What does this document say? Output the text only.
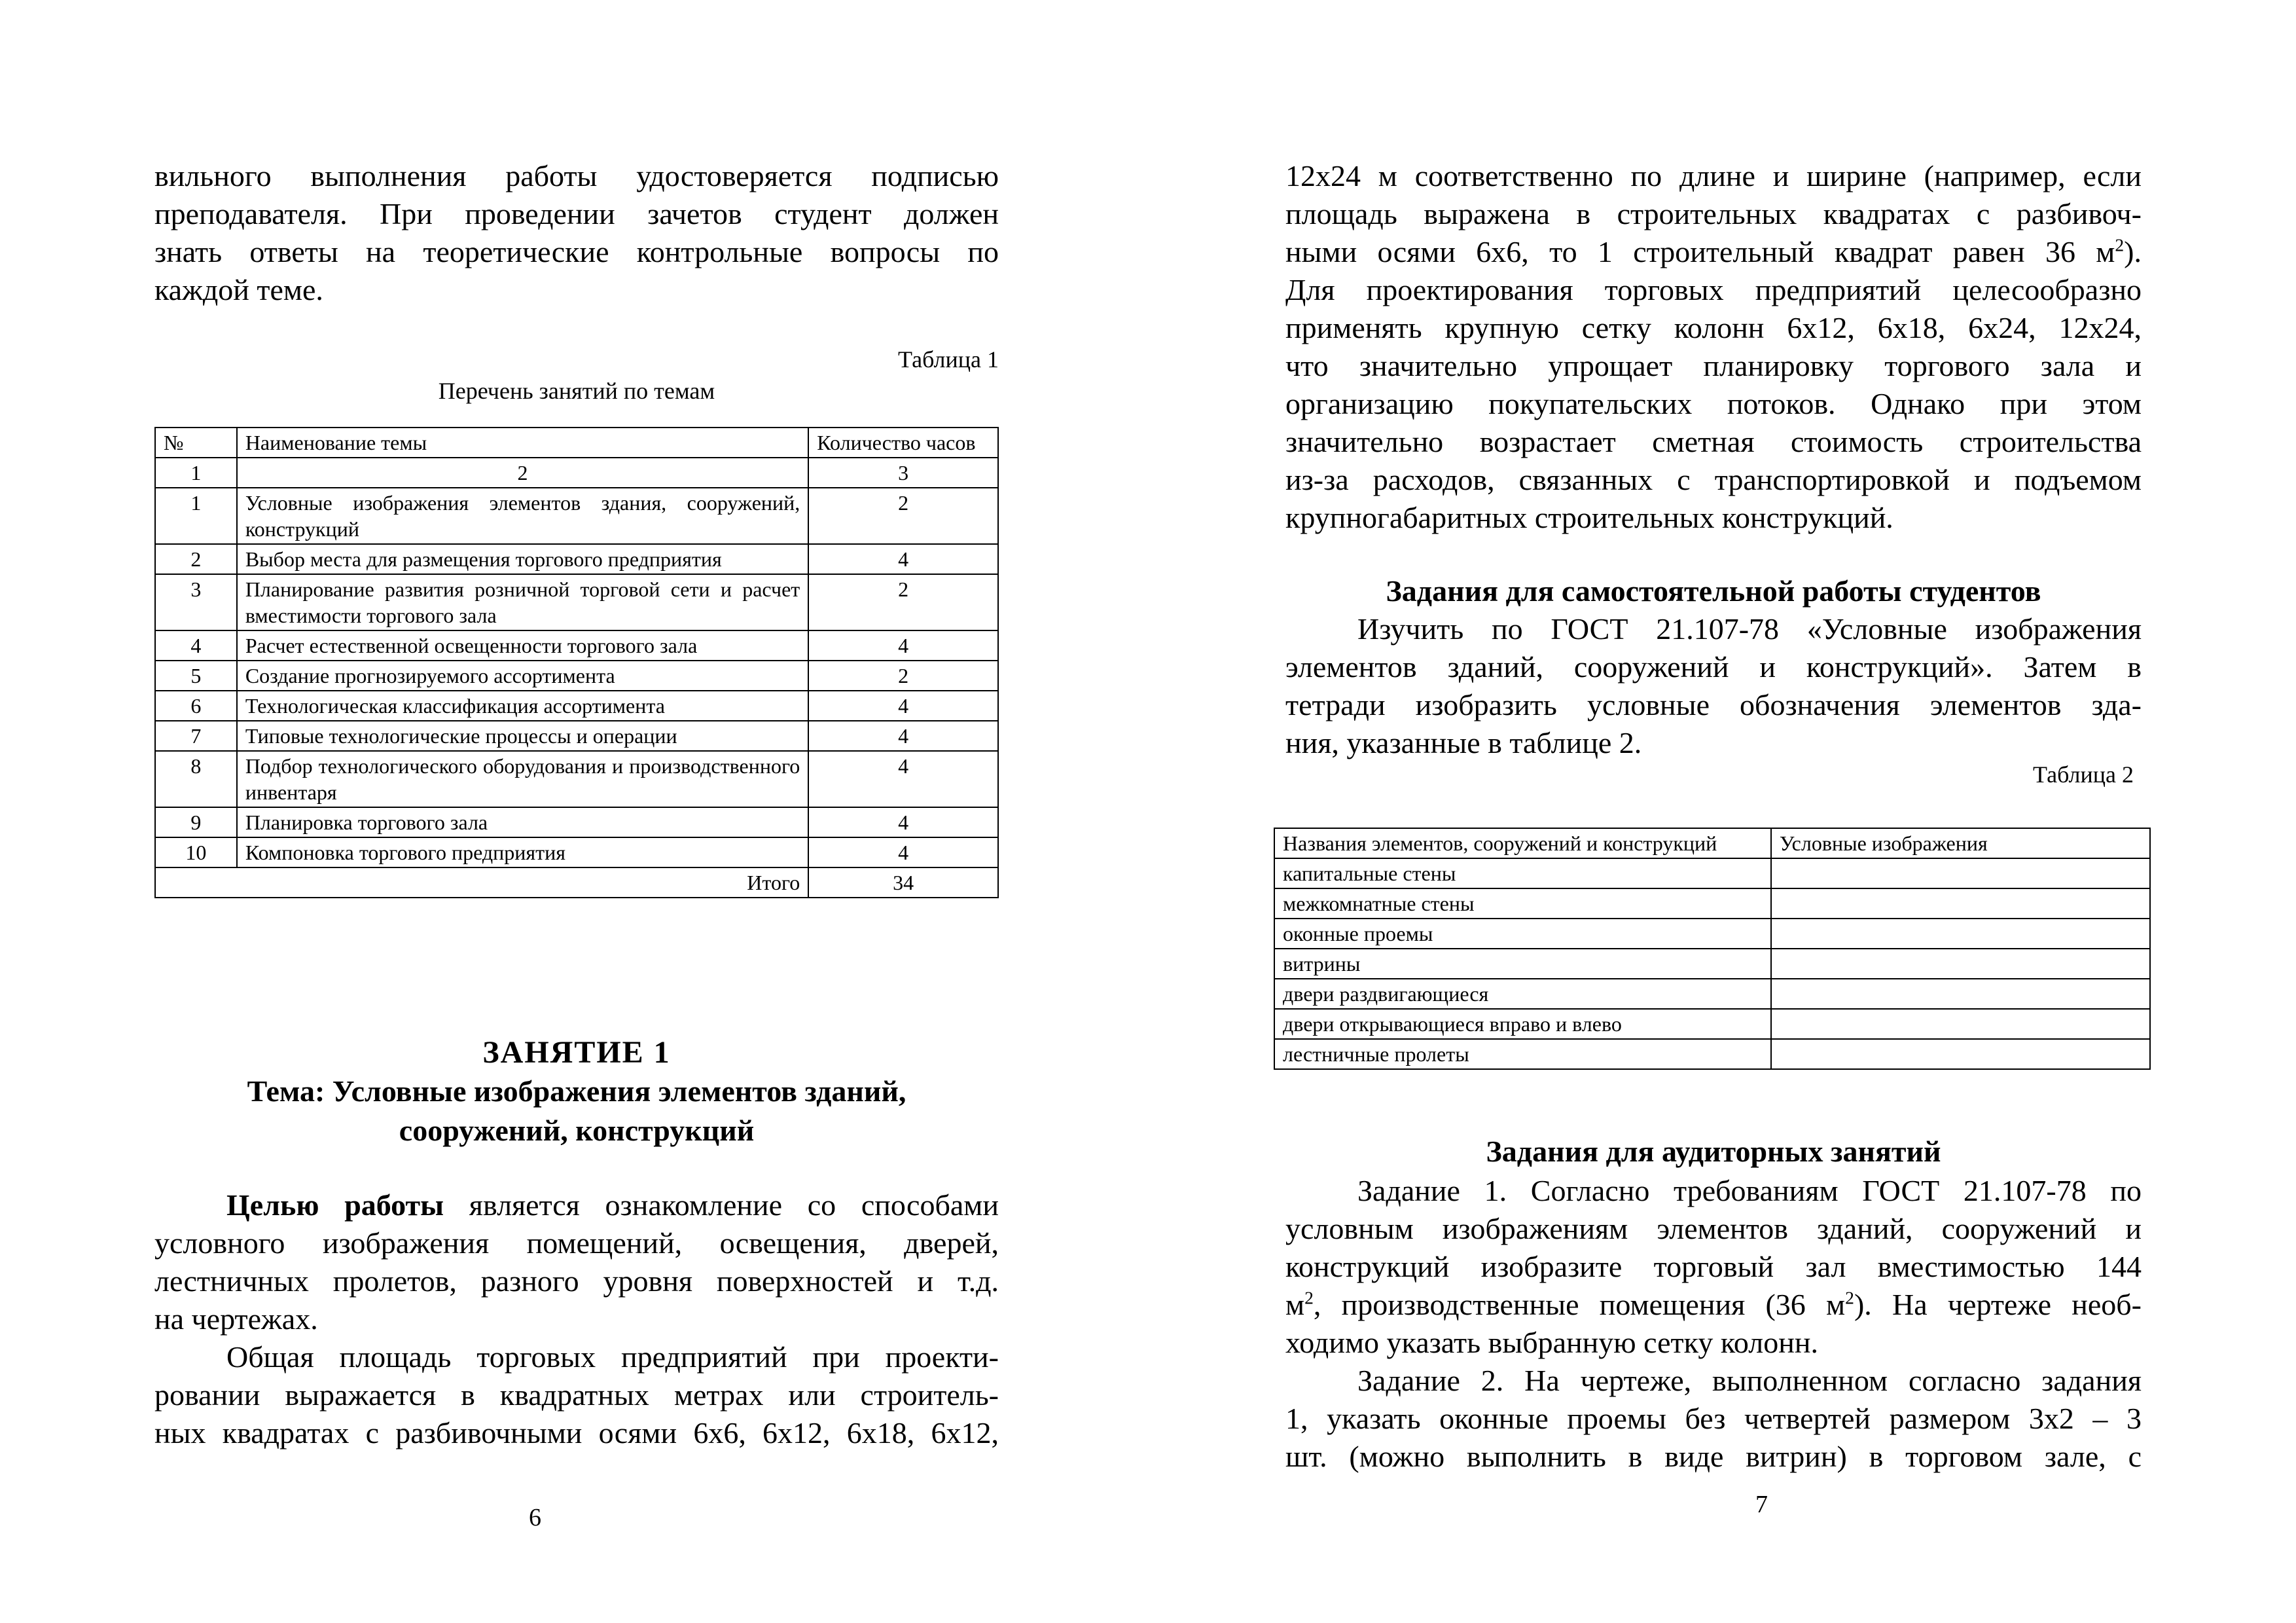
вильного выполнения работы удостоверяется подписью
преподавателя. При проведении зачетов студент должен
знать ответы на теоретические контрольные вопросы по
каждой теме.
Таблица 1
Перечень занятий по темам
№	Наименование темы	Количество часов
1	2	3
1	Условные изображения элементов здания, сооружений, конструкций	2
2	Выбор места для размещения торгового предприятия	4
3	Планирование развития розничной торговой сети и расчет вместимости торгового зала	2
4	Расчет естественной освещенности торгового зала	4
5	Создание прогнозируемого ассортимента	2
6	Технологическая классификация ассортимента	4
7	Типовые технологические процессы и операции	4
8	Подбор технологического оборудования и производственного инвентаря	4
9	Планировка торгового зала	4
10	Компоновка торгового предприятия	4
Итого		34
ЗАНЯТИЕ 1
Тема: Условные изображения элементов зданий,
сооружений, конструкций
Целью работы является ознакомление со способами
условного изображения помещений, освещения, дверей,
лестничных пролетов, разного уровня поверхностей и т.д.
на чертежах.
Общая площадь торговых предприятий при проекти-
ровании выражается в квадратных метрах или строитель-
ных квадратах с разбивочными осями 6х6, 6х12, 6х18, 6х12,
6
12х24 м соответственно по длине и ширине (например, если
площадь выражена в строительных квадратах с разбивоч-
ными осями 6х6, то 1 строительный квадрат равен 36 $м^2$).
Для проектирования торговых предприятий целесообразно
применять крупную сетку колонн 6х12, 6х18, 6х24, 12х24,
что значительно упрощает планировку торгового зала и
организацию покупательских потоков. Однако при этом
значительно возрастает сметная стоимость строительства
из-за расходов, связанных с транспортировкой и подъемом
крупногабаритных строительных конструкций.
Задания для самостоятельной работы студентов
Изучить по ГОСТ 21.107-78 «Условные изображения
элементов зданий, сооружений и конструкций». Затем в
тетради изобразить условные обозначения элементов зда-
ния, указанные в таблице 2.
Таблица 2
Названия элементов, сооружений и конструкций	Условные изображения
капитальные стены	
межкомнатные стены	
оконные проемы	
витрины	
двери раздвигающиеся	
двери открывающиеся вправо и влево	
лестничные пролеты	
Задания для аудиторных занятий
Задание 1. Согласно требованиям ГОСТ 21.107-78 по
условным изображениям элементов зданий, сооружений и
конструкций изобразите торговый зал вместимостью 144
$м^2$, производственные помещения (36 $м^2$). На чертеже необ-
ходимо указать выбранную сетку колонн.
Задание 2. На чертеже, выполненном согласно задания
1, указать оконные проемы без четвертей размером 3х2 – 3
шт. (можно выполнить в виде витрин) в торговом зале, с
7
